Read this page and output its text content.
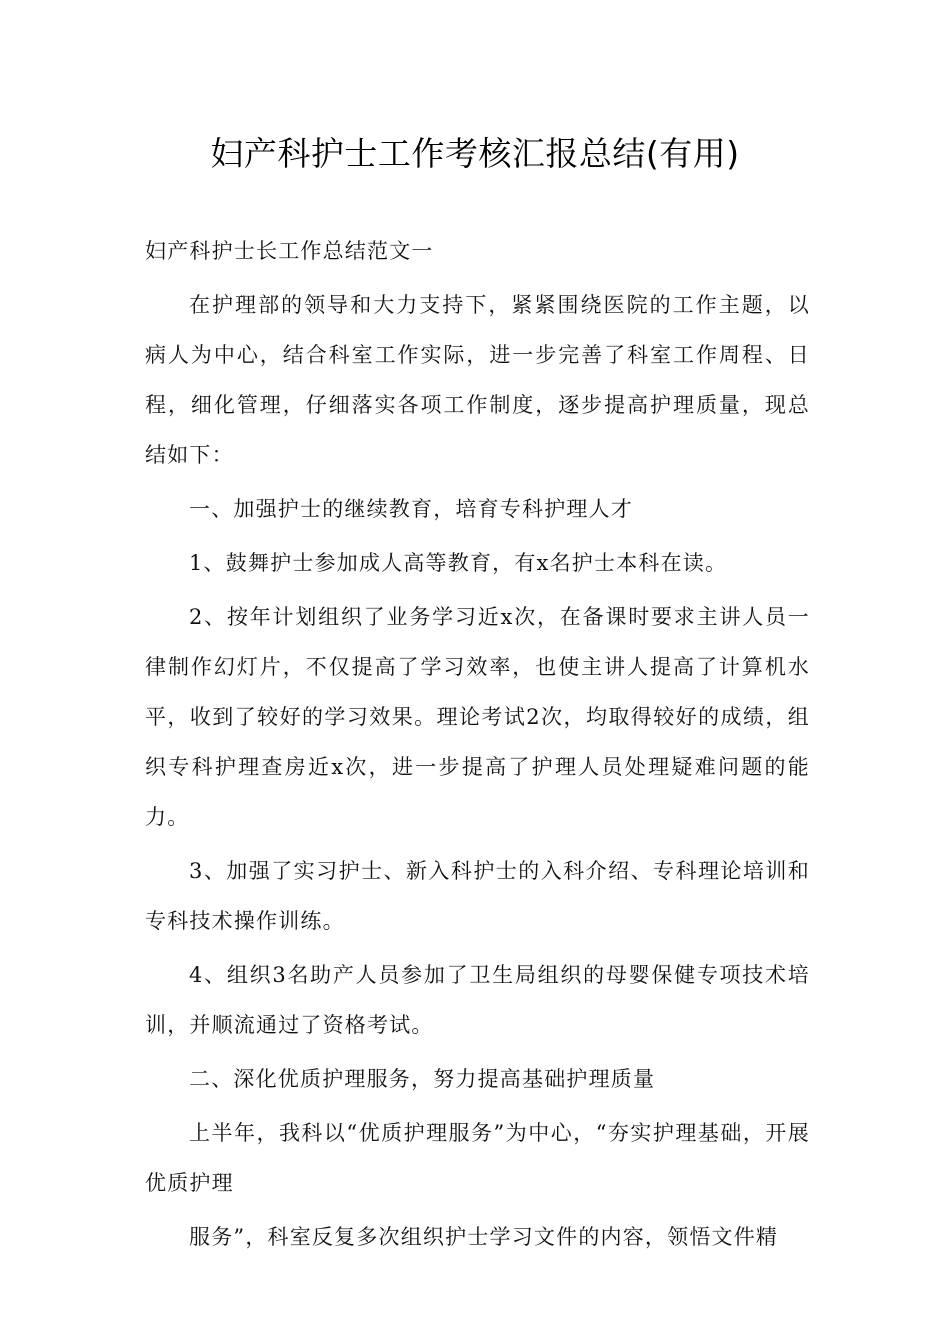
妇产科护士工作考核汇报总结(有用)

妇产科护士长工作总结范文一

在护理部的领导和大力支持下，紧紧围绕医院的工作主题，以病人为中心，结合科室工作实际，进一步完善了科室工作周程、日程，细化管理，仔细落实各项工作制度，逐步提高护理质量，现总结如下：

一、加强护士的继续教育，培育专科护理人才

1、鼓舞护士参加成人高等教育，有x名护士本科在读。

2、按年计划组织了业务学习近x次，在备课时要求主讲人员一律制作幻灯片，不仅提高了学习效率，也使主讲人提高了计算机水平，收到了较好的学习效果。理论考试2次，均取得较好的成绩，组织专科护理查房近x次，进一步提高了护理人员处理疑难问题的能力。

3、加强了实习护士、新入科护士的入科介绍、专科理论培训和专科技术操作训练。

4、组织3名助产人员参加了卫生局组织的母婴保健专项技术培训，并顺流通过了资格考试。

二、深化优质护理服务，努力提高基础护理质量

上半年，我科以“优质护理服务”为中心，“夯实护理基础，开展优质护理

服务”，科室反复多次组织护士学习文件的内容，领悟文件精
